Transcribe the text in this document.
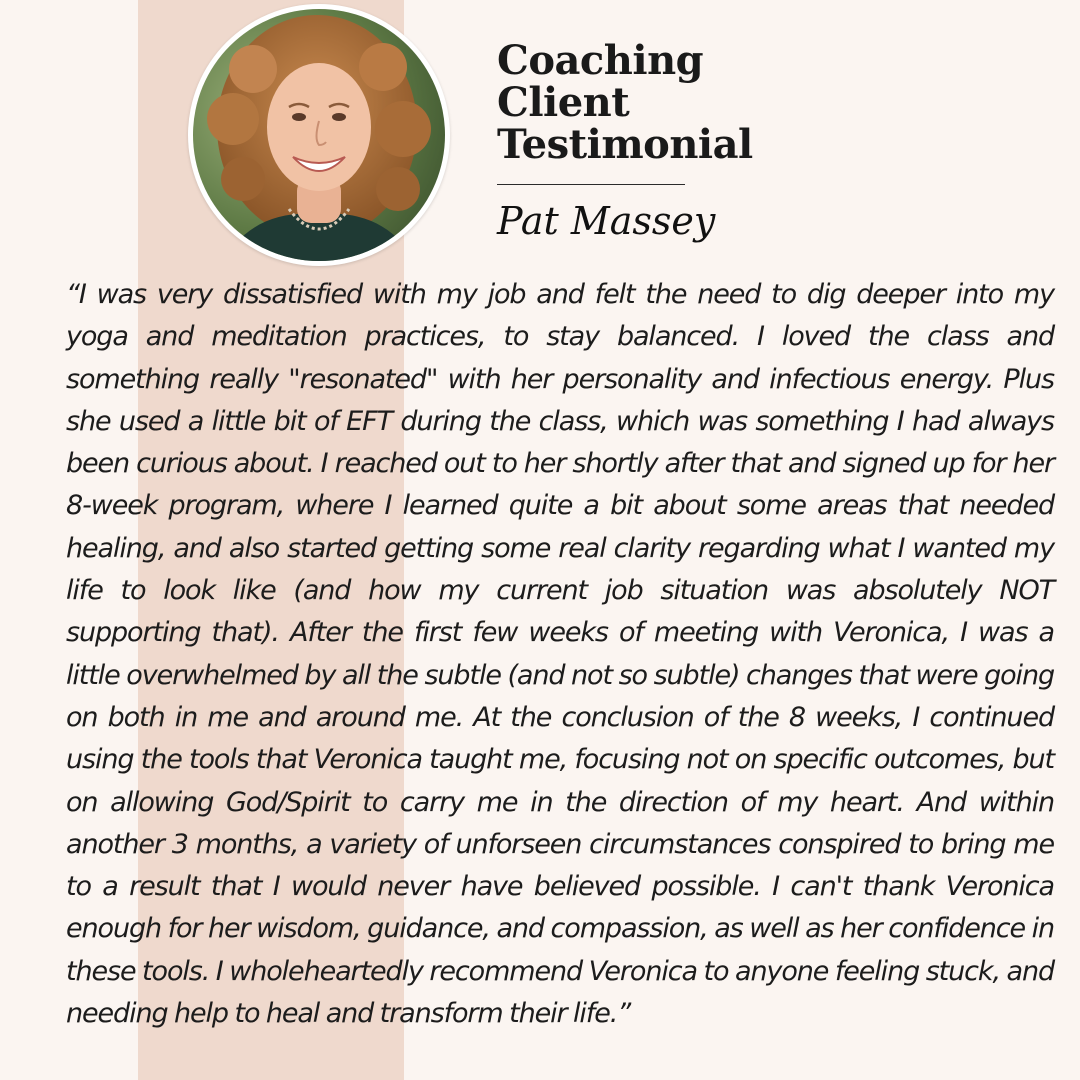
Coaching
Client
Testimonial
Pat Massey

“I was very dissatisfied with my job and felt the need to dig deeper into my yoga and meditation practices, to stay balanced. I loved the class and something really "resonated" with her personality and infectious energy. Plus she used a little bit of EFT during the class, which was something I had always been curious about. I reached out to her shortly after that and signed up for her 8-week program, where I learned quite a bit about some areas that needed healing, and also started getting some real clarity regarding what I wanted my life to look like (and how my current job situation was absolutely NOT supporting that). After the first few weeks of meeting with Veronica, I was a little overwhelmed by all the subtle (and not so subtle) changes that were going on both in me and around me. At the conclusion of the 8 weeks, I continued using the tools that Veronica taught me, focusing not on specific outcomes, but on allowing God/Spirit to carry me in the direction of my heart. And within another 3 months, a variety of unforseen circumstances conspired to bring me to a result that I would never have believed possible. I can't thank Veronica enough for her wisdom, guidance, and compassion, as well as her confidence in these tools. I wholeheartedly recommend Veronica to anyone feeling stuck, and needing help to heal and transform their life.”
